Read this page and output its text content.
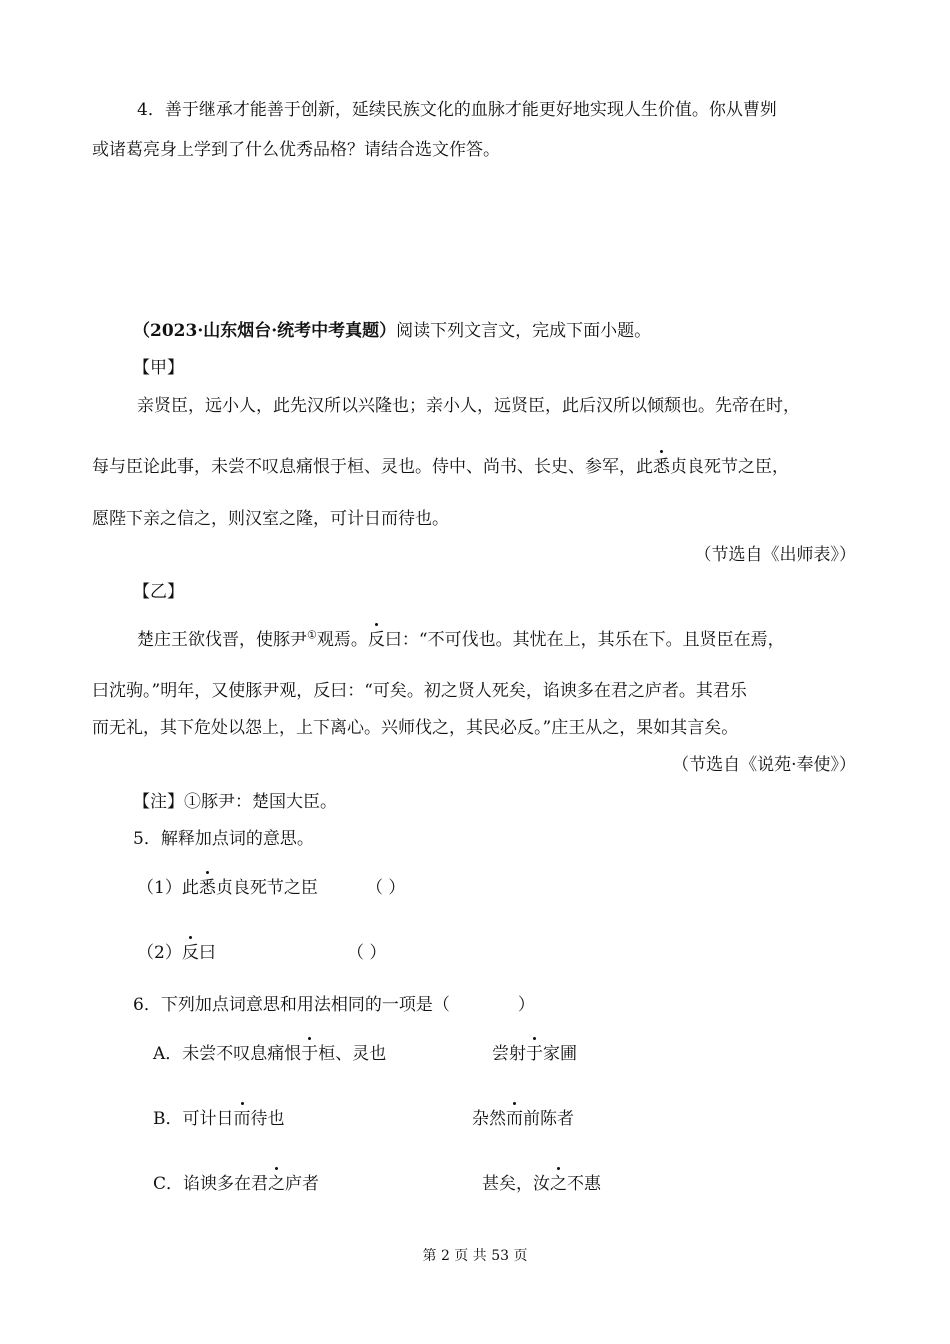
4．善于继承才能善于创新，延续民族文化的血脉才能更好地实现人生价值。你从曹刿
或诸葛亮身上学到了什么优秀品格？请结合选文作答。
（2023·山东烟台·统考中考真题）阅读下列文言文，完成下面小题。
【甲】
亲贤臣，远小人，此先汉所以兴隆也；亲小人，远贤臣，此后汉所以倾颓也。先帝在时，
每与臣论此事，未尝不叹息痛恨于桓、灵也。侍中、尚书、长史、参军，此悉贞良死节之臣，
愿陛下亲之信之，则汉室之隆，可计日而待也。
（节选自《出师表》）
【乙】
楚庄王欲伐晋，使豚尹①观焉。反曰：“不可伐也。其忧在上，其乐在下。且贤臣在焉，
曰沈驹。”明年，又使豚尹观，反曰：“可矣。初之贤人死矣，谄谀多在君之庐者。其君乐
而无礼，其下危处以怨上，上下离心。兴师伐之，其民必反。”庄王从之，果如其言矣。
（节选自《说苑·奉使》）
【注】①豚尹：楚国大臣。
5．解释加点词的意思。
（1）此悉贞良死节之臣	（ ）
（2）反曰	（ ）
6．下列加点词意思和用法相同的一项是（　　　　）
A．未尝不叹息痛恨于桓、灵也	尝射于家圃
B．可计日而待也	杂然而前陈者
C．谄谀多在君之庐者	甚矣，汝之不惠
第 2 页 共 53 页
